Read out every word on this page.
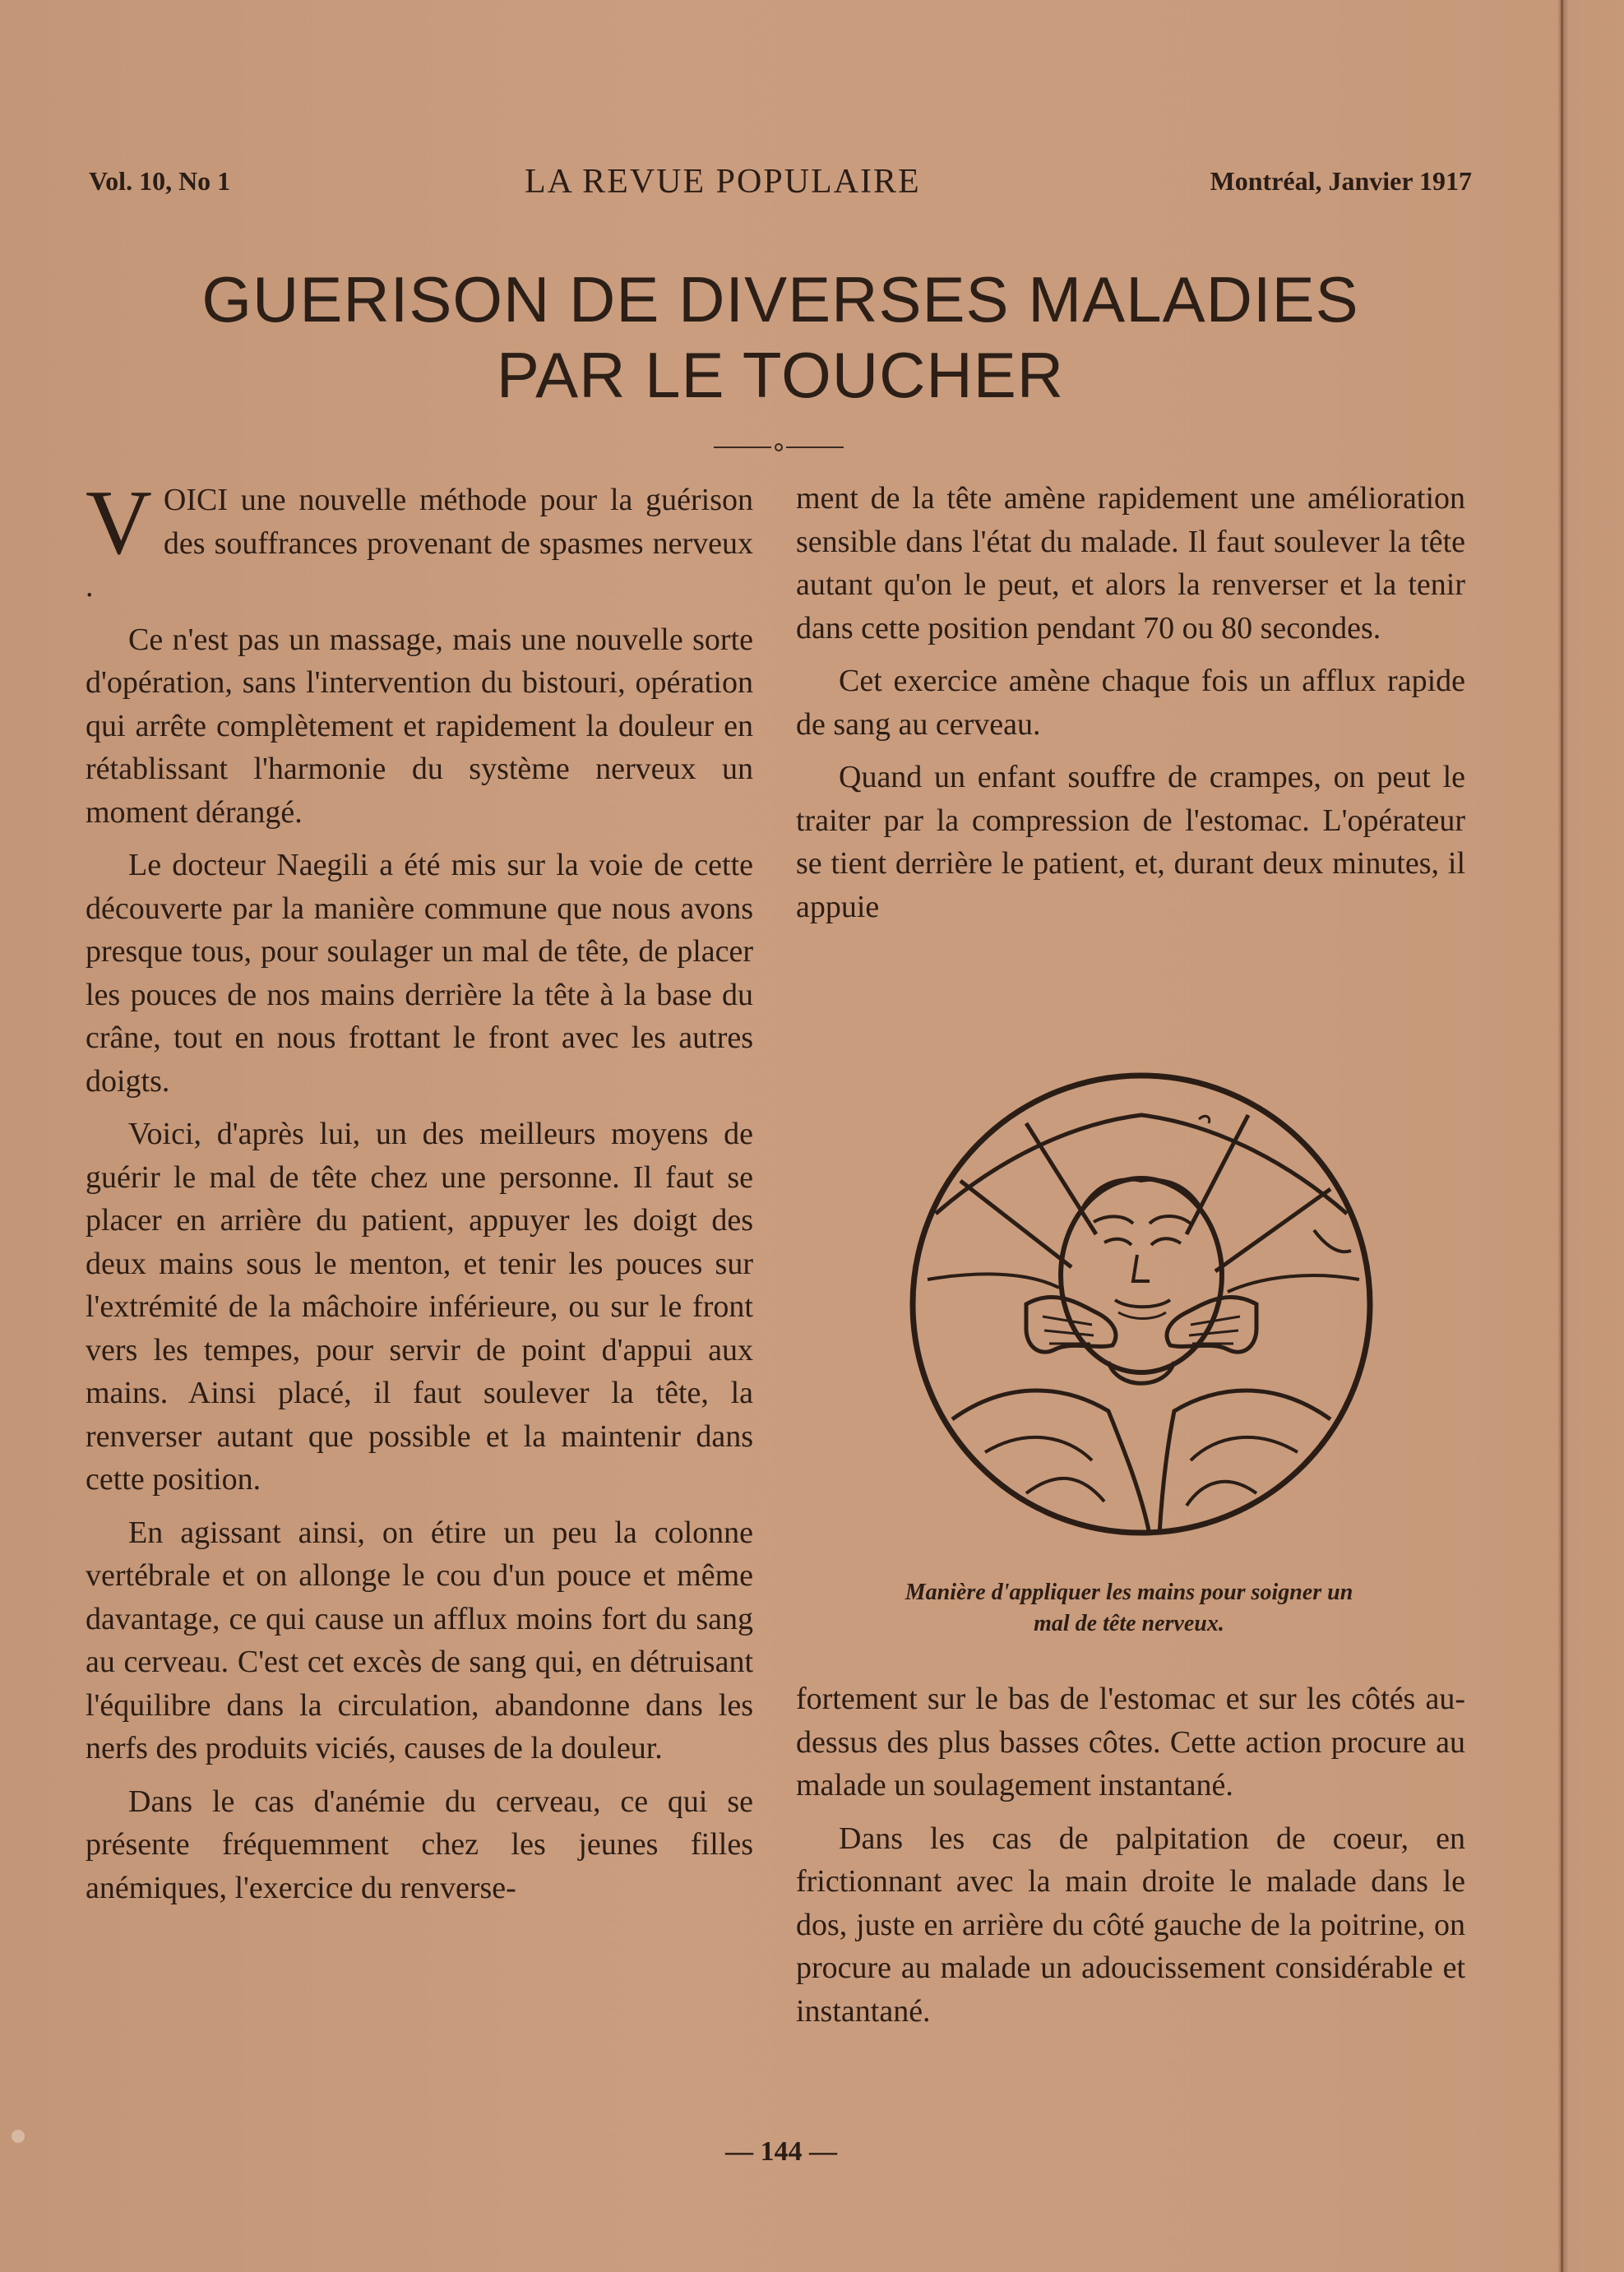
Vol. 10, No 1	LA REVUE POPULAIRE	Montréal, Janvier 1917
GUERISON DE DIVERSES MALADIES
PAR LE TOUCHER

VOICI une nouvelle méthode pour la guérison des souffrances provenant de spasmes nerveux .

Ce n'est pas un massage, mais une nouvelle sorte d'opération, sans l'intervention du bistouri, opération qui arrête complètement et rapidement la douleur en rétablissant l'harmonie du système nerveux un moment dérangé.

Le docteur Naegili a été mis sur la voie de cette découverte par la manière commune que nous avons presque tous, pour soulager un mal de tête, de placer les pouces de nos mains derrière la tête à la base du crâne, tout en nous frottant le front avec les autres doigts.

Voici, d'après lui, un des meilleurs moyens de guérir le mal de tête chez une personne. Il faut se placer en arrière du patient, appuyer les doigt des deux mains sous le menton, et tenir les pouces sur l'extrémité de la mâchoire inférieure, ou sur le front vers les tempes, pour servir de point d'appui aux mains. Ainsi placé, il faut soulever la tête, la renverser autant que possible et la maintenir dans cette position.

En agissant ainsi, on étire un peu la colonne vertébrale et on allonge le cou d'un pouce et même davantage, ce qui cause un afflux moins fort du sang au cerveau. C'est cet excès de sang qui, en détruisant l'équilibre dans la circulation, abandonne dans les nerfs des produits viciés, causes de la douleur.

Dans le cas d'anémie du cerveau, ce qui se présente fréquemment chez les jeunes filles anémiques, l'exercice du renverse-

ment de la tête amène rapidement une amélioration sensible dans l'état du malade. Il faut soulever la tête autant qu'on le peut, et alors la renverser et la tenir dans cette position pendant 70 ou 80 secondes.

Cet exercice amène chaque fois un afflux rapide de sang au cerveau.

Quand un enfant souffre de crampes, on peut le traiter par la compression de l'estomac. L'opérateur se tient derrière le patient, et, durant deux minutes, il appuie

Manière d'appliquer les mains pour soigner un
mal de tête nerveux.

fortement sur le bas de l'estomac et sur les côtés au-dessus des plus basses côtes. Cette action procure au malade un soulagement instantané.

Dans les cas de palpitation de coeur, en frictionnant avec la main droite le malade dans le dos, juste en arrière du côté gauche de la poitrine, on procure au malade un adoucissement considérable et instantané.

— 144 —
